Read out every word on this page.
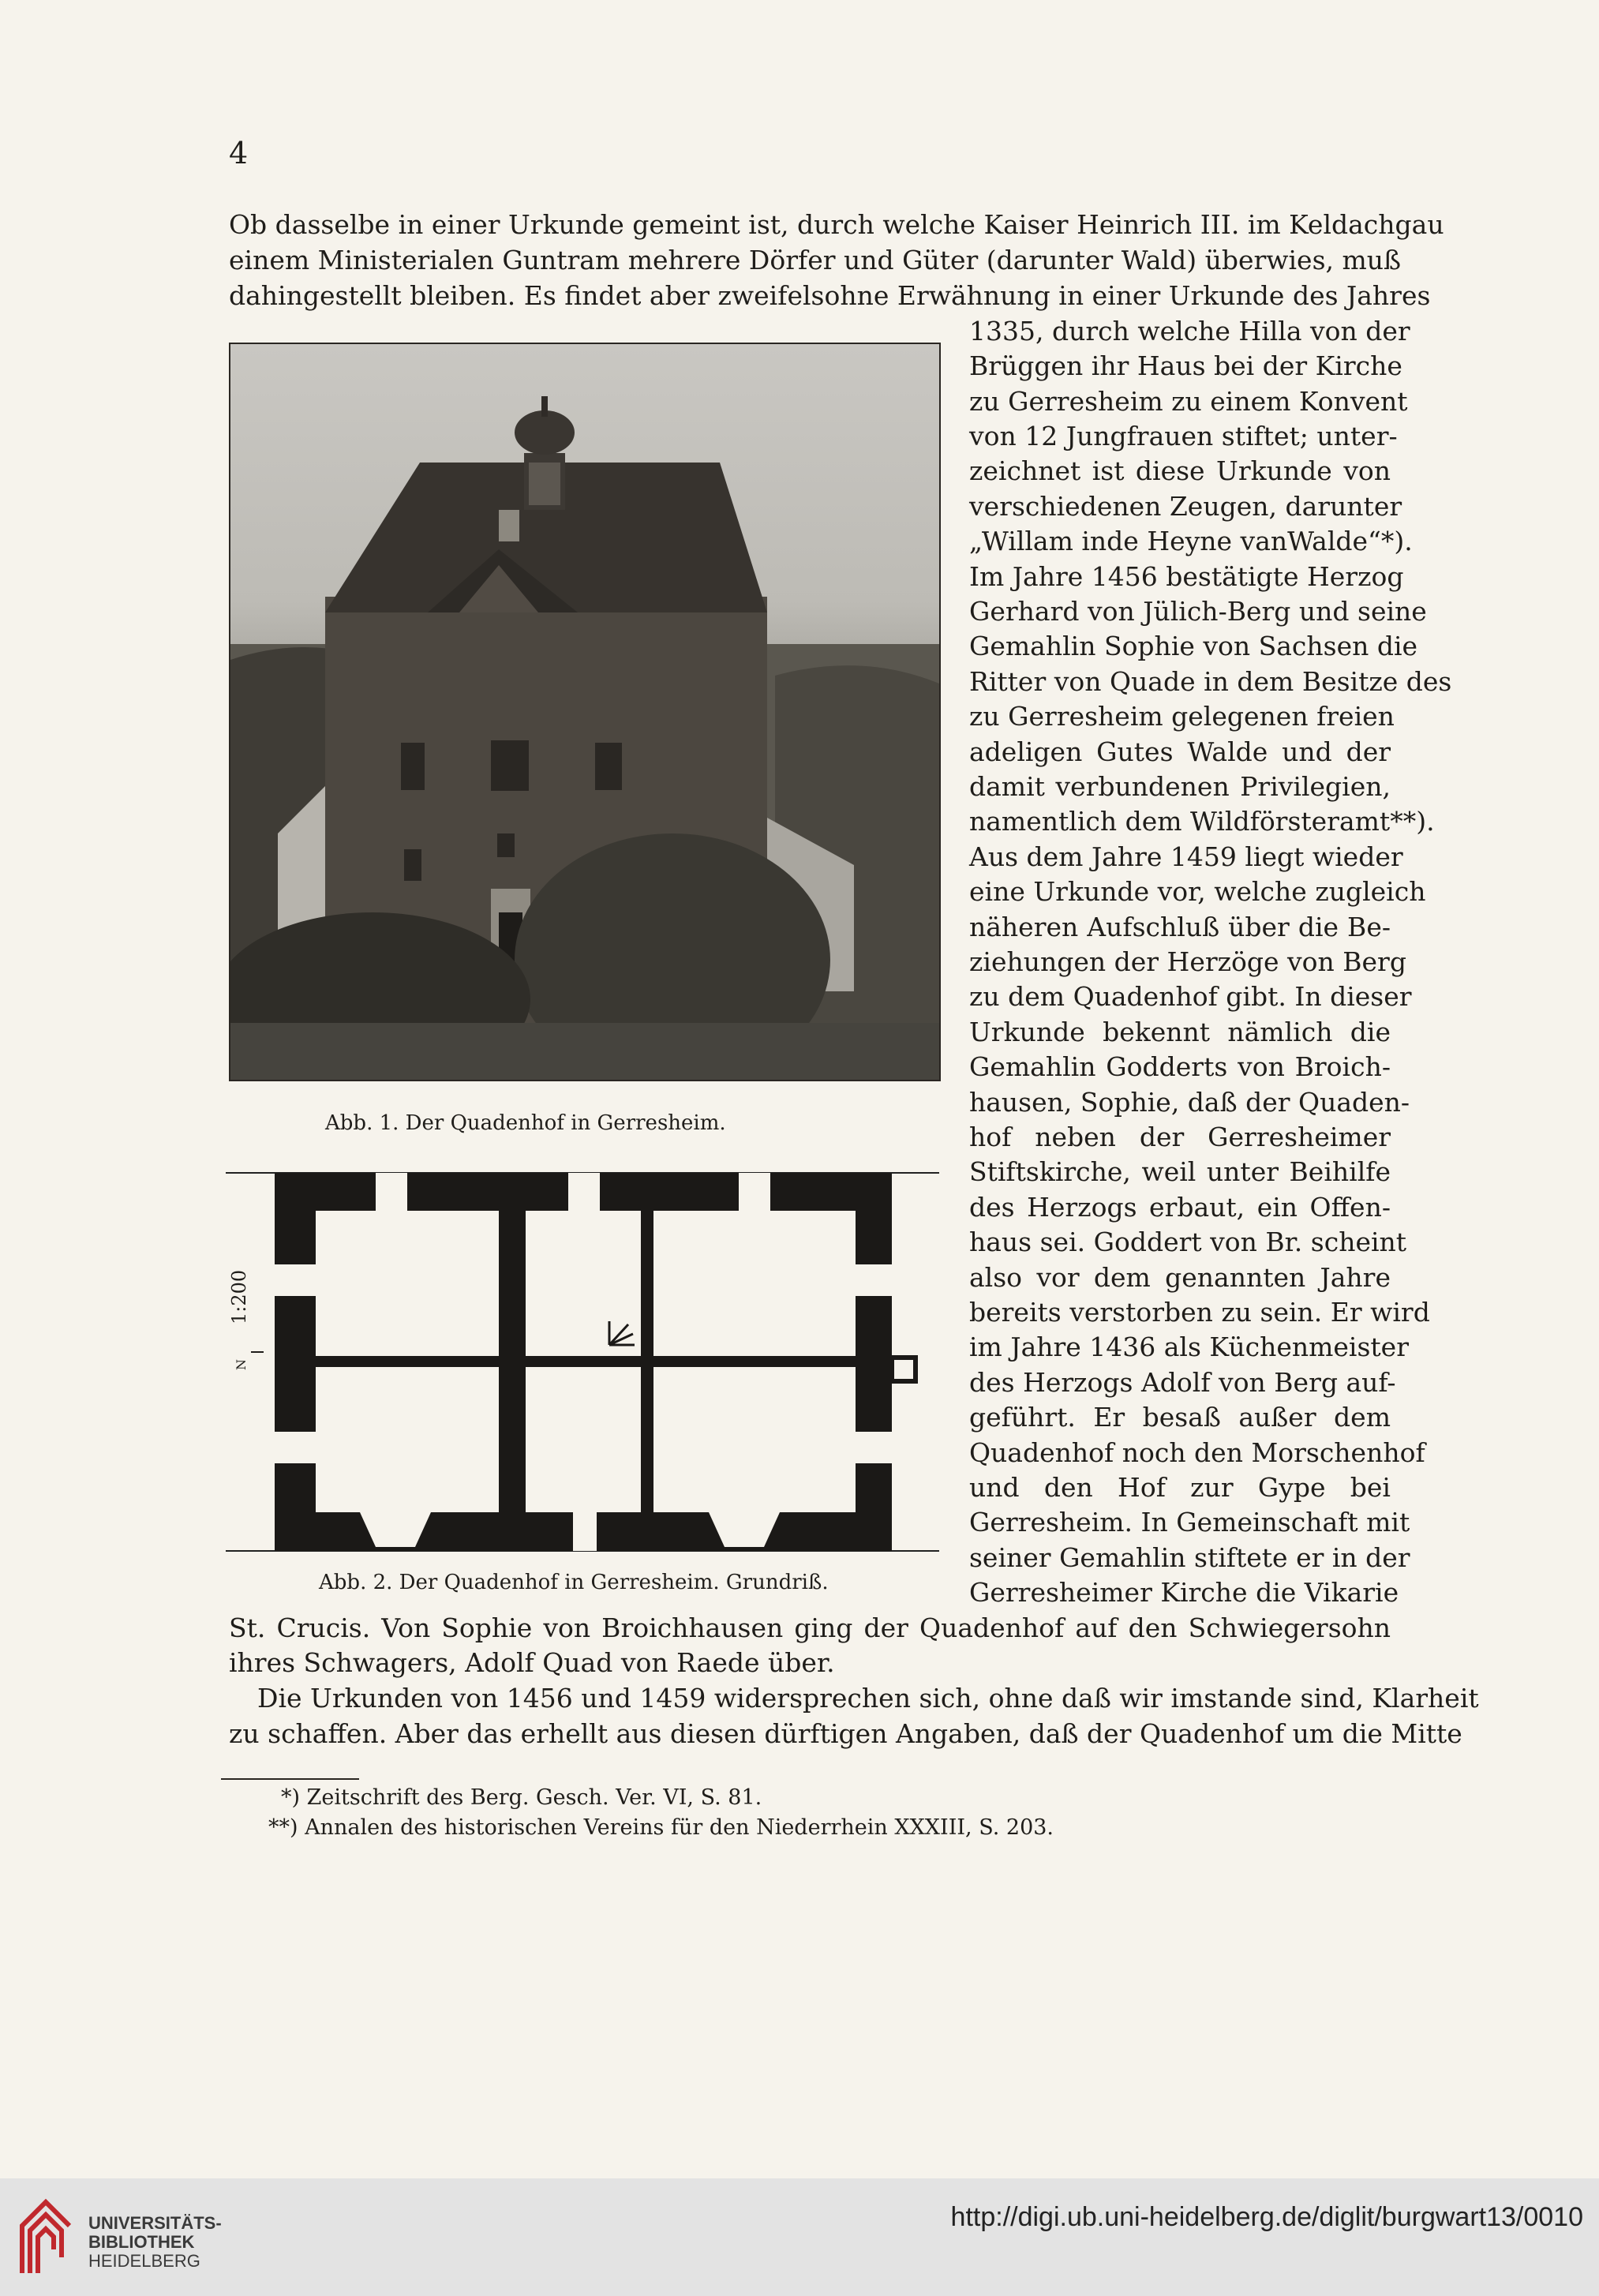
4
Ob dasselbe in einer Urkunde gemeint ist, durch welche Kaiser Heinrich III. im Keldachgau
einem Ministerialen Guntram mehrere Dörfer und Güter (darunter Wald) überwies, muß
dahingestellt bleiben. Es findet aber zweifelsohne Erwähnung in einer Urkunde des Jahres
1335, durch welche Hilla von der
Brüggen ihr Haus bei der Kirche
zu Gerresheim zu einem Konvent
von 12 Jungfrauen stiftet; unter-
zeichnet ist diese Urkunde von
verschiedenen Zeugen, darunter
„Willam inde Heyne vanWalde“*).
Im Jahre 1456 bestätigte Herzog
Gerhard von Jülich-Berg und seine
Gemahlin Sophie von Sachsen die
Ritter von Quade in dem Besitze des
zu Gerresheim gelegenen freien
adeligen Gutes Walde und der
damit verbundenen Privilegien,
namentlich dem Wildförsteramt**).
Aus dem Jahre 1459 liegt wieder
eine Urkunde vor, welche zugleich
näheren Aufschluß über die Be-
ziehungen der Herzöge von Berg
zu dem Quadenhof gibt. In dieser
Urkunde bekennt nämlich die
Gemahlin Godderts von Broich-
hausen, Sophie, daß der Quaden-
hof neben der Gerresheimer
Stiftskirche, weil unter Beihilfe
des Herzogs erbaut, ein Offen-
haus sei. Goddert von Br. scheint
also vor dem genannten Jahre
bereits verstorben zu sein. Er wird
im Jahre 1436 als Küchenmeister
des Herzogs Adolf von Berg auf-
geführt. Er besaß außer dem
Quadenhof noch den Morschenhof
und den Hof zur Gype bei
Gerresheim. In Gemeinschaft mit
seiner Gemahlin stiftete er in der
Gerresheimer Kirche die Vikarie
St. Crucis. Von Sophie von Broichhausen ging der Quadenhof auf den Schwiegersohn
ihres Schwagers, Adolf Quad von Raede über.
Die Urkunden von 1456 und 1459 widersprechen sich, ohne daß wir imstande sind, Klarheit
zu schaffen. Aber das erhellt aus diesen dürftigen Angaben, daß der Quadenhof um die Mitte
Abb. 1. Der Quadenhof in Gerresheim.
1:200
N
Abb. 2. Der Quadenhof in Gerresheim. Grundriß.
*) Zeitschrift des Berg. Gesch. Ver. VI, S. 81.
**) Annalen des historischen Vereins für den Niederrhein XXXIII, S. 203.
UNIVERSITÄTS-
BIBLIOTHEK
HEIDELBERG
http://digi.ub.uni-heidelberg.de/diglit/burgwart13/0010
